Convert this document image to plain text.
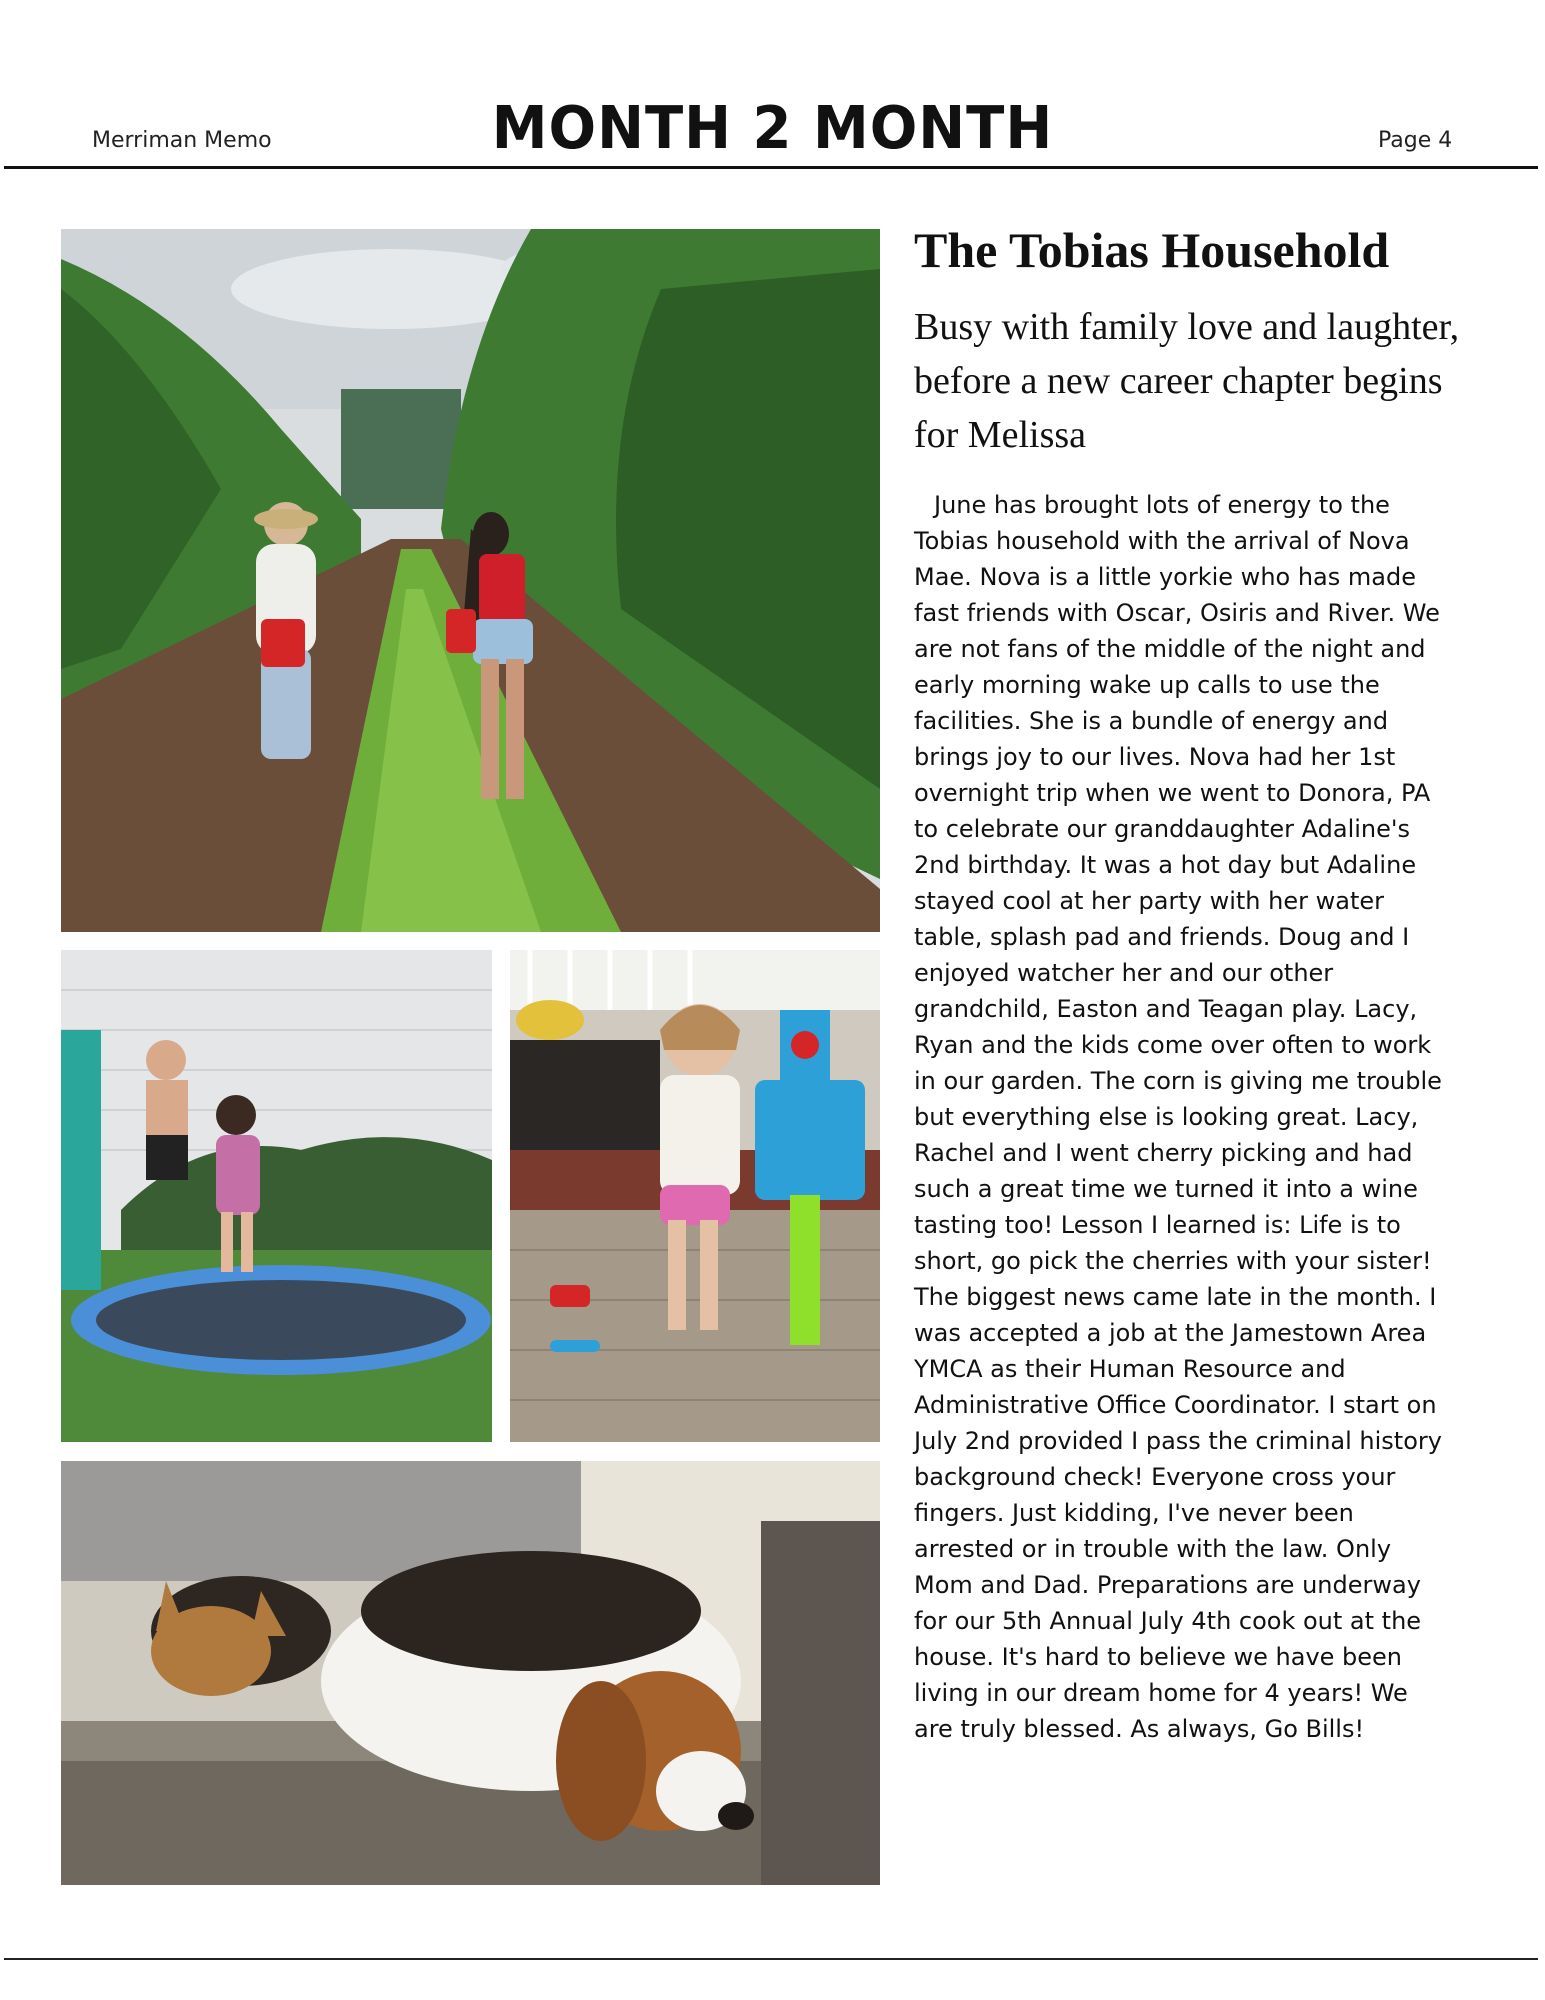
Merriman Memo	MONTH 2 MONTH	Page 4
The Tobias Household
Busy with family love and laughter, before a new career chapter begins for Melissa
June has brought lots of energy to the Tobias household with the arrival of Nova Mae. Nova is a little yorkie who has made fast friends with Oscar, Osiris and River. We are not fans of the middle of the night and early morning wake up calls to use the facilities. She is a bundle of energy and brings joy to our lives. Nova had her 1st overnight trip when we went to Donora, PA to celebrate our granddaughter Adaline's 2nd birthday. It was a hot day but Adaline stayed cool at her party with her water table, splash pad and friends. Doug and I enjoyed watcher her and our other grandchild, Easton and Teagan play. Lacy, Ryan and the kids come over often to work in our garden. The corn is giving me trouble but everything else is looking great. Lacy, Rachel and I went cherry picking and had such a great time we turned it into a wine tasting too! Lesson I learned is: Life is to short, go pick the cherries with your sister! The biggest news came late in the month. I was accepted a job at the Jamestown Area YMCA as their Human Resource and Administrative Office Coordinator. I start on July 2nd provided I pass the criminal history background check! Everyone cross your fingers. Just kidding, I've never been arrested or in trouble with the law. Only Mom and Dad. Preparations are underway for our 5th Annual July 4th cook out at the house. It's hard to believe we have been living in our dream home for 4 years! We are truly blessed. As always, Go Bills!
